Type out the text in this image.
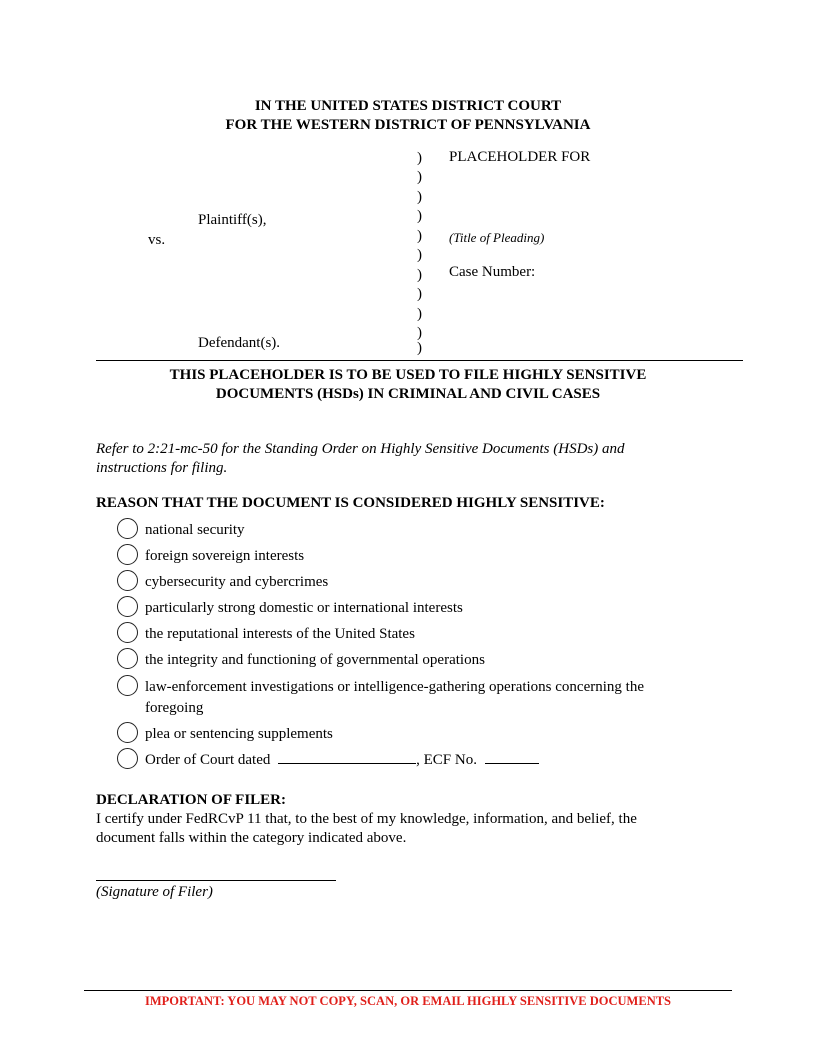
IN THE UNITED STATES DISTRICT COURT
FOR THE WESTERN DISTRICT OF PENNSYLVANIA
Plaintiff(s),
vs.
Defendant(s).
)
)
)
)
)
)
)
)
)
)
)
PLACEHOLDER FOR
(Title of Pleading)
Case Number:
THIS PLACEHOLDER IS TO BE USED TO FILE HIGHLY SENSITIVE
DOCUMENTS (HSDs) IN CRIMINAL AND CIVIL CASES
Refer to 2:21-mc-50 for the Standing Order on Highly Sensitive Documents (HSDs) and instructions for filing.
REASON THAT THE DOCUMENT IS CONSIDERED HIGHLY SENSITIVE:
national security
foreign sovereign interests
cybersecurity and cybercrimes
particularly strong domestic or international interests
the reputational interests of the United States
the integrity and functioning of governmental operations
law-enforcement investigations or intelligence-gathering operations concerning the foregoing
plea or sentencing supplements
Order of Court dated	, ECF No.
DECLARATION OF FILER:
I certify under FedRCvP 11 that, to the best of my knowledge, information, and belief, the document falls within the category indicated above.
(Signature of Filer)
IMPORTANT: YOU MAY NOT COPY, SCAN, OR EMAIL HIGHLY SENSITIVE DOCUMENTS
